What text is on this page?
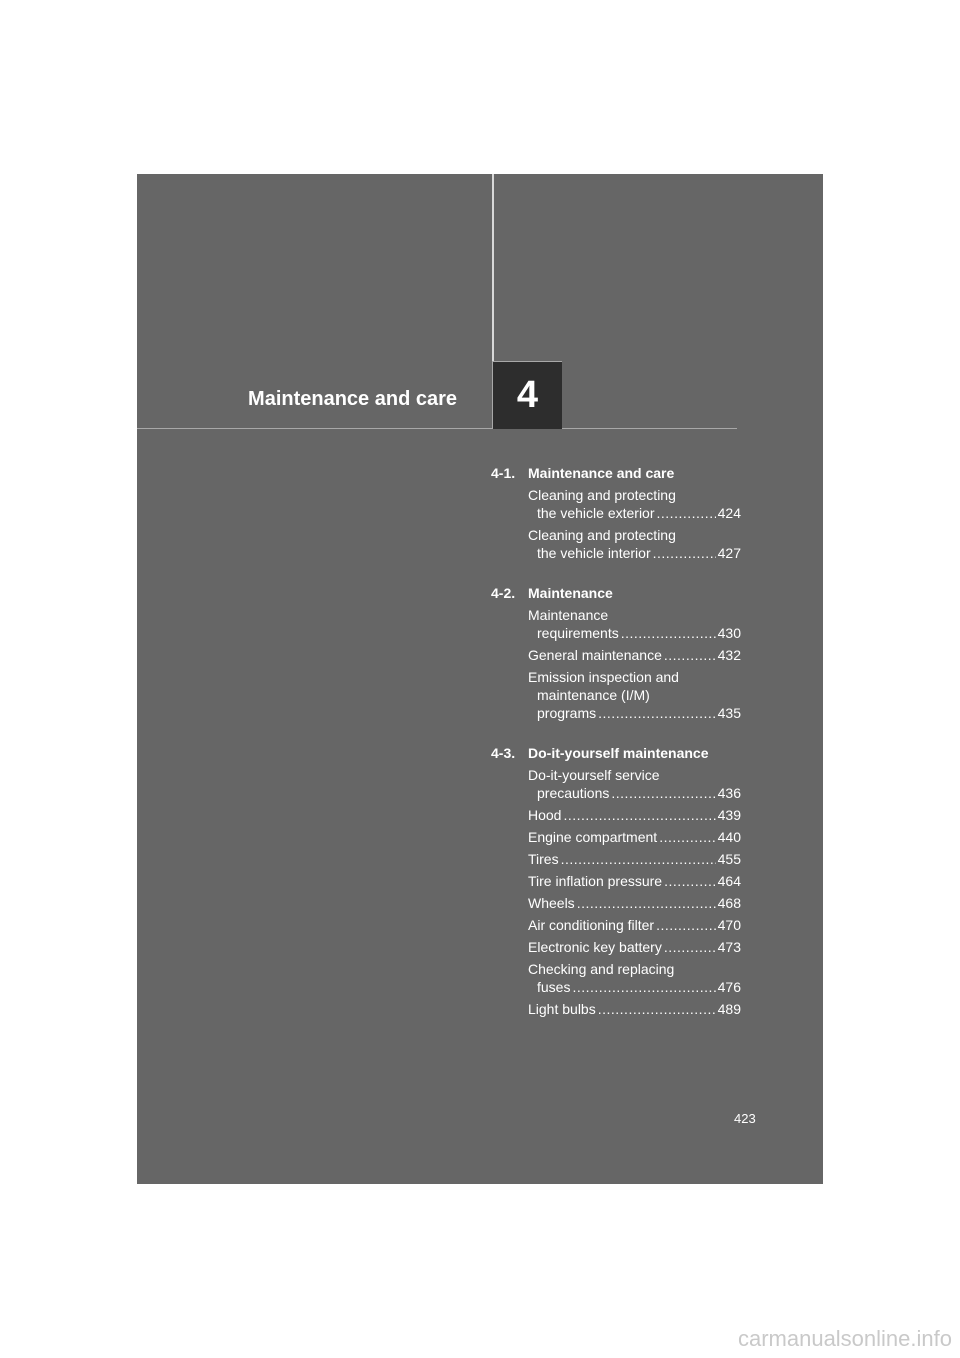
4
Maintenance and care
4-1. Maintenance and care
Cleaning and protecting
the vehicle exterior .....	424
Cleaning and protecting
the vehicle interior .....	427
4-2. Maintenance
Maintenance
requirements .....	430
General maintenance .....	432
Emission inspection and
maintenance (I/M)
programs .....	435
4-3. Do-it-yourself maintenance
Do-it-yourself service
precautions .....	436
Hood .....	439
Engine compartment .....	440
Tires .....	455
Tire inflation pressure .....	464
Wheels .....	468
Air conditioning filter .....	470
Electronic key battery .....	473
Checking and replacing
fuses .....	476
Light bulbs .....	489
423
carmanualsonline.info
